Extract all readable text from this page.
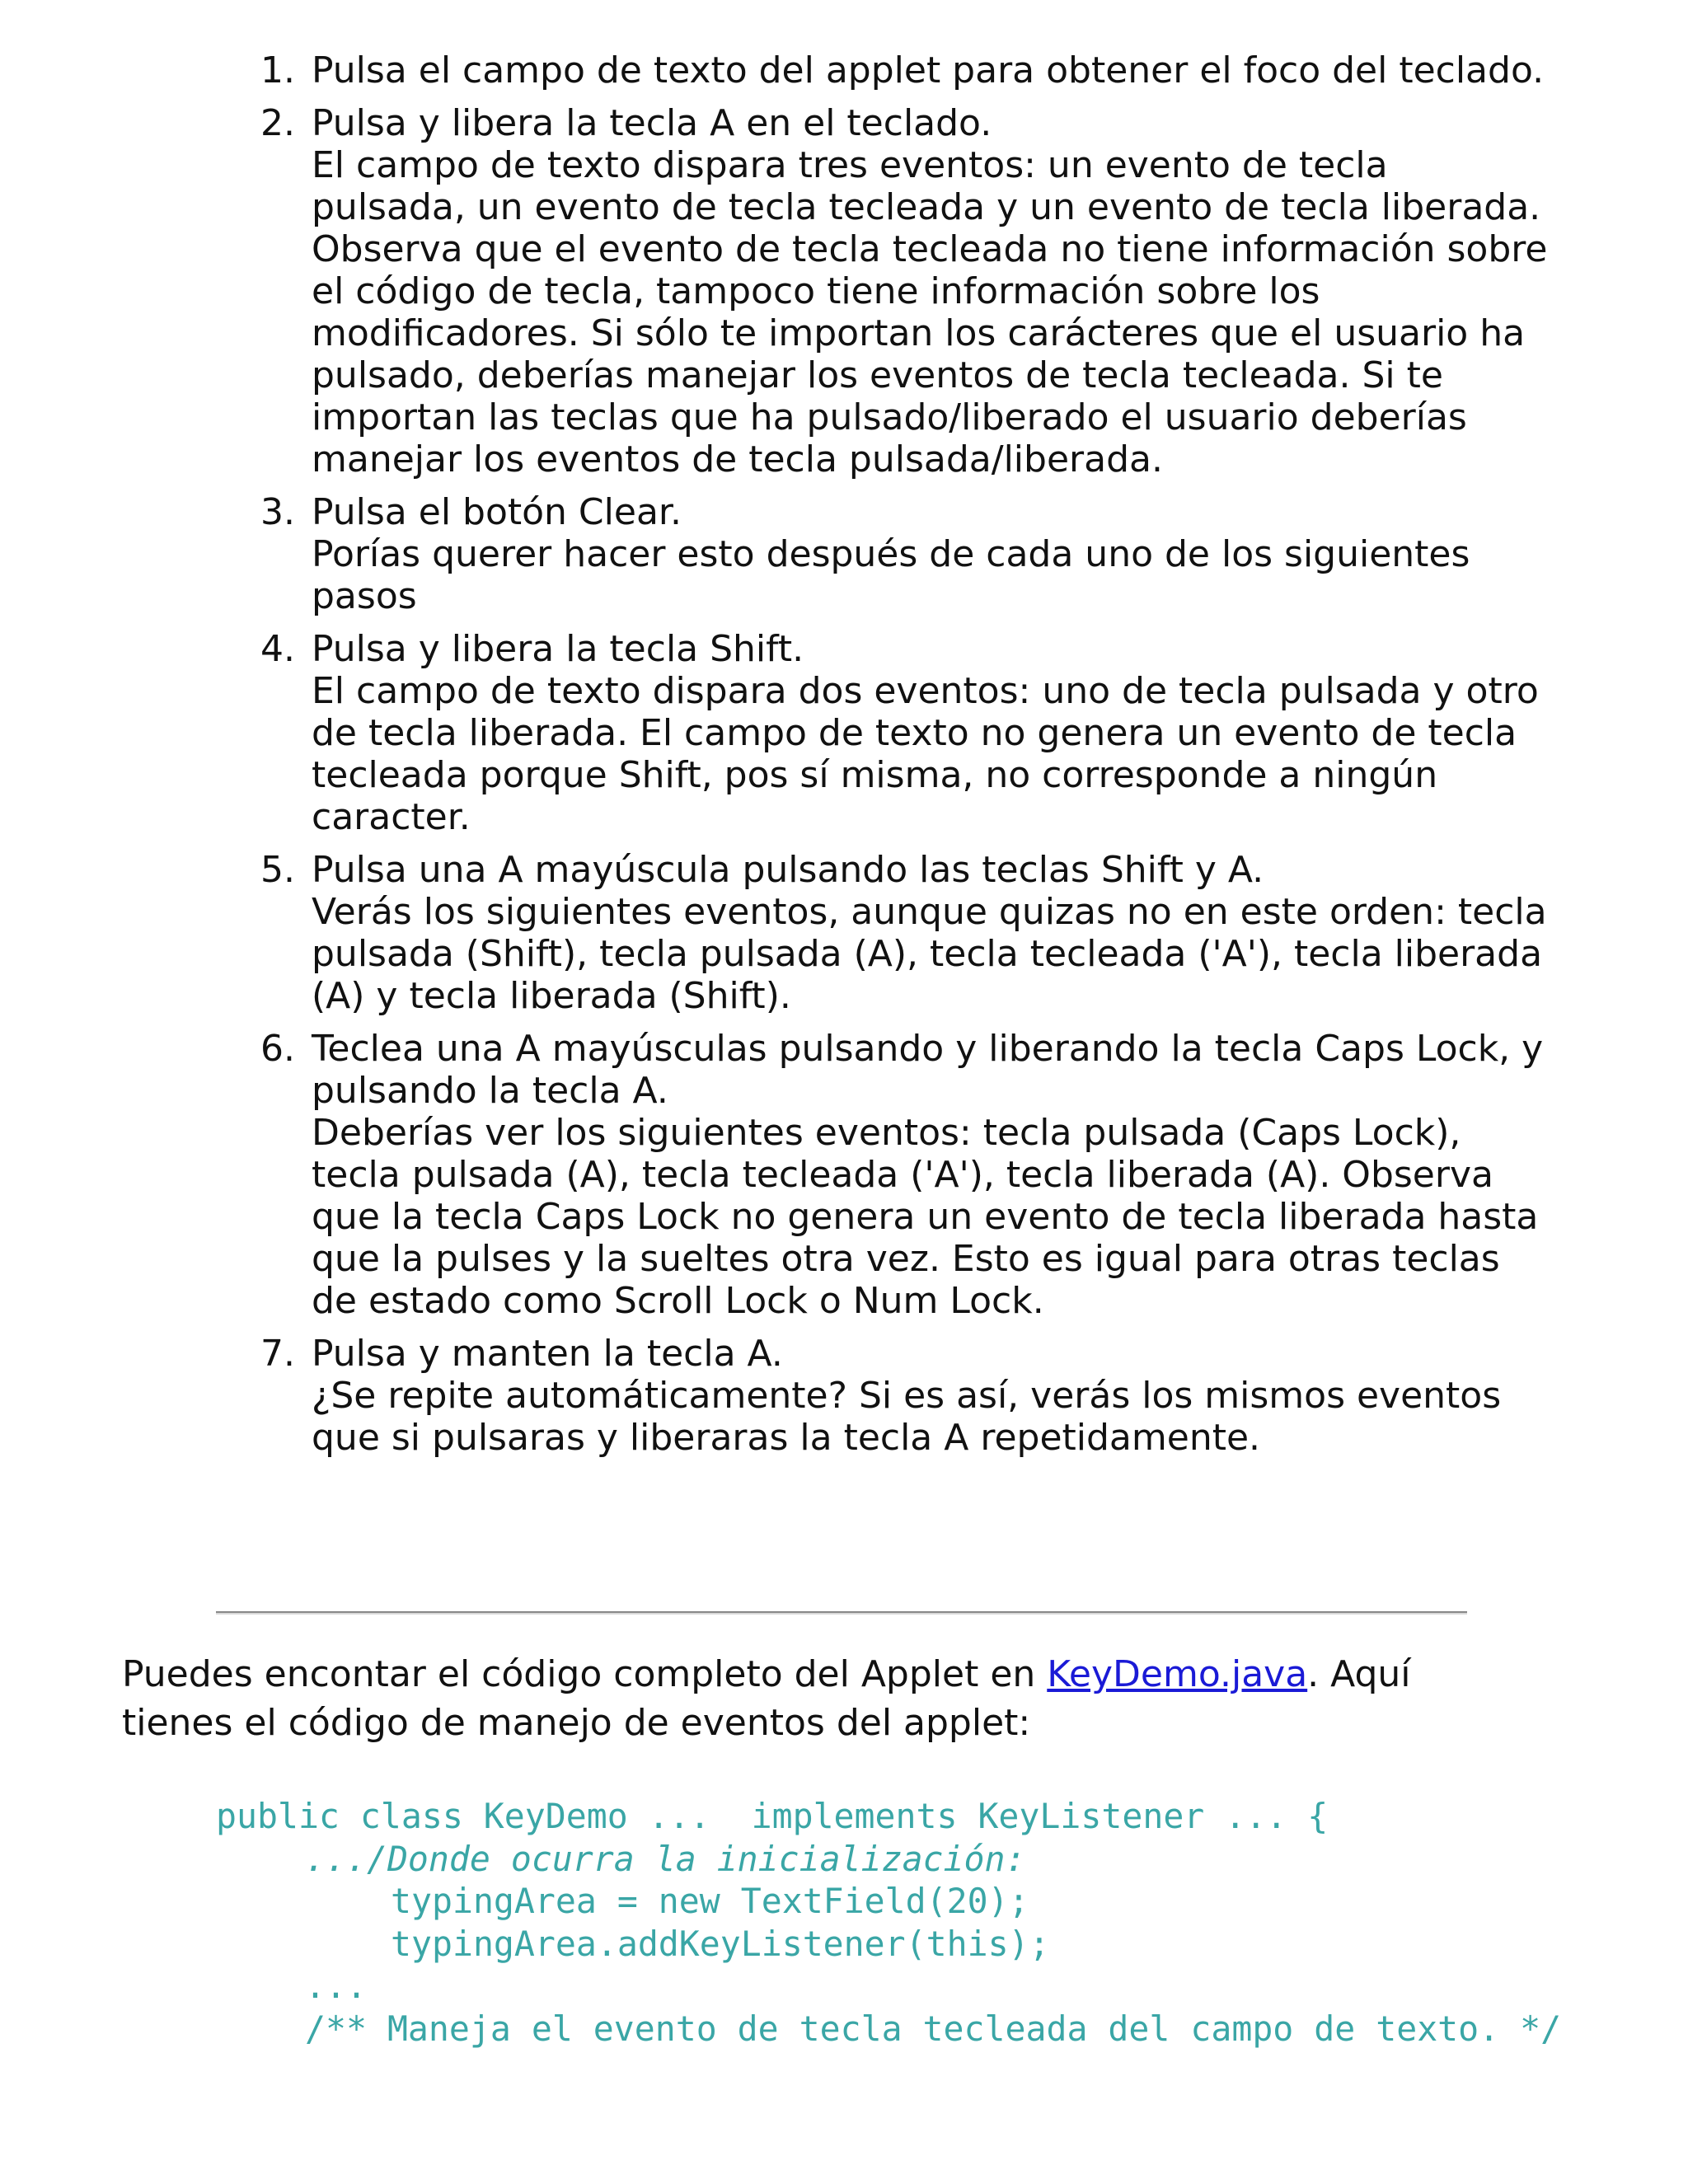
Pulsa el campo de texto del applet para obtener el foco del teclado.
Pulsa y libera la tecla A en el teclado.
El campo de texto dispara tres eventos: un evento de tecla pulsada, un evento de tecla tecleada y un evento de tecla liberada. Observa que el evento de tecla tecleada no tiene información sobre el código de tecla, tampoco tiene información sobre los modificadores. Si sólo te importan los carácteres que el usuario ha pulsado, deberías manejar los eventos de tecla tecleada. Si te importan las teclas que ha pulsado/liberado el usuario deberías manejar los eventos de tecla pulsada/liberada.
Pulsa el botón Clear.
Porías querer hacer esto después de cada uno de los siguientes pasos
Pulsa y libera la tecla Shift.
El campo de texto dispara dos eventos: uno de tecla pulsada y otro de tecla liberada. El campo de texto no genera un evento de tecla tecleada porque Shift, pos sí misma, no corresponde a ningún caracter.
Pulsa una A mayúscula pulsando las teclas Shift y A.
Verás los siguientes eventos, aunque quizas no en este orden: tecla pulsada (Shift), tecla pulsada (A), tecla tecleada ('A'), tecla liberada (A) y tecla liberada (Shift).
Teclea una A mayúsculas pulsando y liberando la tecla Caps Lock, y pulsando la tecla A.
Deberías ver los siguientes eventos: tecla pulsada (Caps Lock), tecla pulsada (A), tecla tecleada ('A'), tecla liberada (A). Observa que la tecla Caps Lock no genera un evento de tecla liberada hasta que la pulses y la sueltes otra vez. Esto es igual para otras teclas de estado como Scroll Lock o Num Lock.
Pulsa y manten la tecla A.
¿Se repite automáticamente? Si es así, verás los mismos eventos que si pulsaras y liberaras la tecla A repetidamente.

Puedes encontar el código completo del Applet en KeyDemo.java. Aquí tienes el código de manejo de eventos del applet:

public class KeyDemo ...  implements KeyListener ... {
.../Donde ocurra la inicialización:
typingArea = new TextField(20);
typingArea.addKeyListener(this);
...
/** Maneja el evento de tecla tecleada del campo de texto. */
